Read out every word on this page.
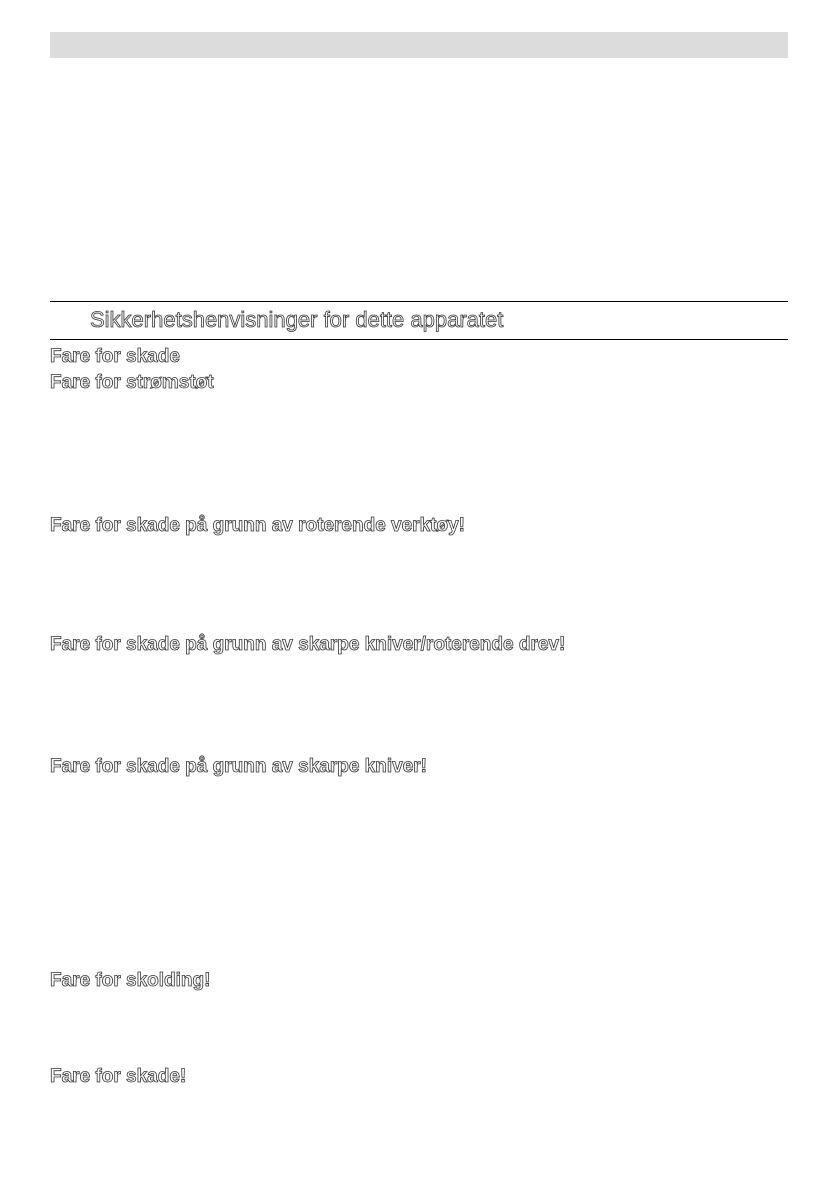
Sikkerhetshenvisninger for dette apparatet
Fare for skade
Fare for strømstøt
Fare for skade på grunn av roterende verktøy!
Fare for skade på grunn av skarpe kniver/roterende drev!
Fare for skade på grunn av skarpe kniver!
Fare for skolding!
Fare for skade!
